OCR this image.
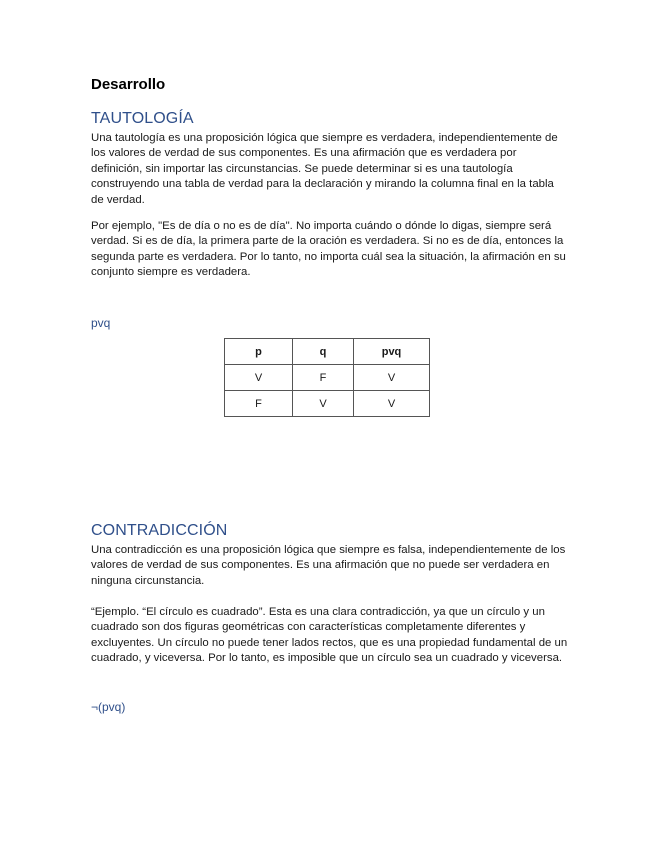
Desarrollo
TAUTOLOGÍA

Una tautología es una proposición lógica que siempre es verdadera, independientemente de los valores de verdad de sus componentes. Es una afirmación que es verdadera por definición, sin importar las circunstancias. Se puede determinar si es una tautología construyendo una tabla de verdad para la declaración y mirando la columna final en la tabla de verdad.

Por ejemplo, "Es de día o no es de día". No importa cuándo o dónde lo digas, siempre será verdad. Si es de día, la primera parte de la oración es verdadera. Si no es de día, entonces la segunda parte es verdadera. Por lo tanto, no importa cuál sea la situación, la afirmación en su conjunto siempre es verdadera.

pvq

p	q	pvq
V	F	V
F	V	V
CONTRADICCIÓN

Una contradicción es una proposición lógica que siempre es falsa, independientemente de los valores de verdad de sus componentes. Es una afirmación que no puede ser verdadera en ninguna circunstancia.

“Ejemplo. “El círculo es cuadrado”. Esta es una clara contradicción, ya que un círculo y un cuadrado son dos figuras geométricas con características completamente diferentes y excluyentes. Un círculo no puede tener lados rectos, que es una propiedad fundamental de un cuadrado, y viceversa. Por lo tanto, es imposible que un círculo sea un cuadrado y viceversa.

¬(pvq)
